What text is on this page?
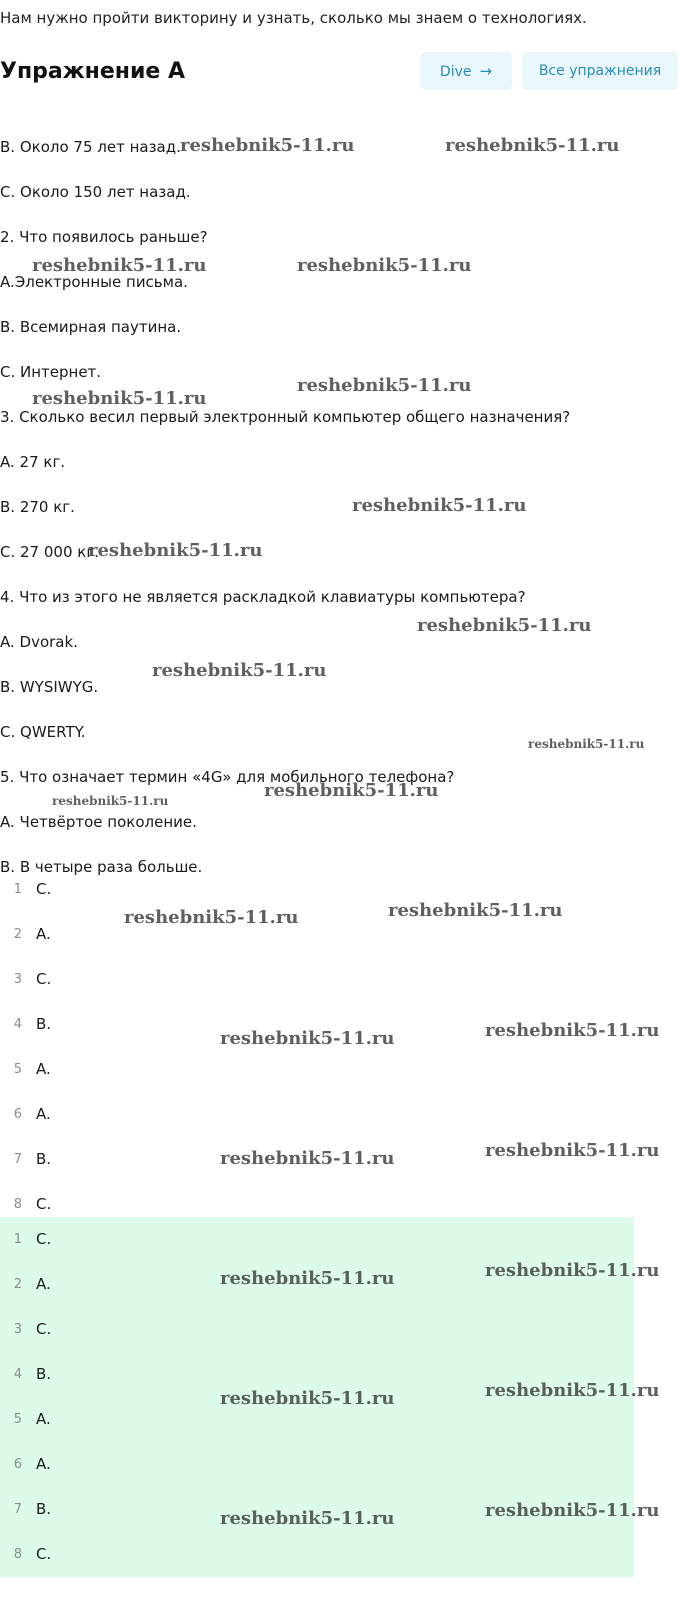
Нам нужно пройти викторину и узнать, сколько мы знаем о технологиях.
Упражнение A	Dive →	Все упражнения
B. Около 75 лет назад.
C. Около 150 лет назад.
2. Что появилось раньше?
A.Электронные письма.
B. Всемирная паутина.
C. Интернет.
3. Сколько весил первый электронный компьютер общего назначения?
A. 27 кг.
B. 270 кг.
C. 27 000 кг.
4. Что из этого не является раскладкой клавиатуры компьютера?
A. Dvorak.
B. WYSIWYG.
C. QWERTY.
5. Что означает термин «4G» для мобильного телефона?
A. Четвёртое поколение.
B. В четыре раза больше.
1 C.
2 A.
3 C.
4 B.
5 A.
6 A.
7 B.
8 C.
1 C.
2 A.
3 C.
4 B.
5 A.
6 A.
7 B.
8 C.
reshebnik5-11.ru	reshebnik5-11.ru
reshebnik5-11.ru	reshebnik5-11.ru
reshebnik5-11.ru
reshebnik5-11.ru
reshebnik5-11.ru
reshebnik5-11.ru
reshebnik5-11.ru
reshebnik5-11.ru
reshebnik5-11.ru
reshebnik5-11.ru
reshebnik5-11.ru
reshebnik5-11.ru
reshebnik5-11.ru
reshebnik5-11.ru	reshebnik5-11.ru
reshebnik5-11.ru	reshebnik5-11.ru
reshebnik5-11.ru	reshebnik5-11.ru
reshebnik5-11.ru	reshebnik5-11.ru
reshebnik5-11.ru	reshebnik5-11.ru
